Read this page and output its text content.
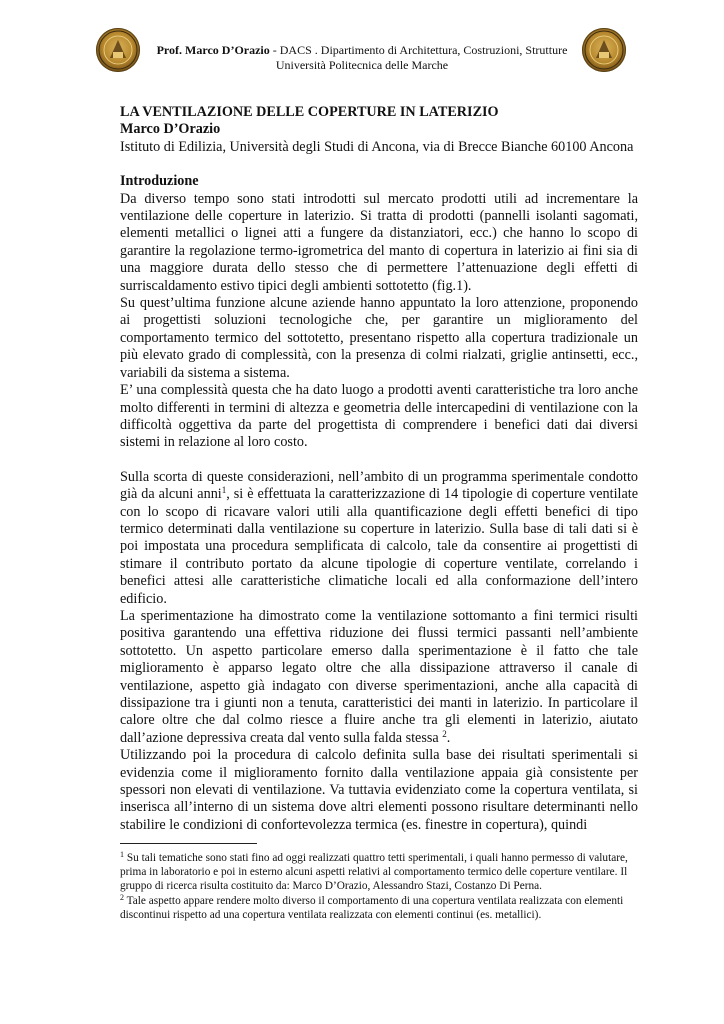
Prof. Marco D’Orazio - DACS . Dipartimento di Architettura, Costruzioni, Strutture
Università Politecnica delle Marche

LA VENTILAZIONE DELLE COPERTURE IN LATERIZIO

Marco D’Orazio

Istituto di Edilizia, Università degli Studi di Ancona, via di Brecce Bianche 60100 Ancona

Introduzione

Da diverso tempo sono stati introdotti sul mercato prodotti utili ad incrementare la ventilazione delle coperture in laterizio. Si tratta di prodotti (pannelli isolanti sagomati, elementi metallici o lignei atti a fungere da distanziatori, ecc.) che hanno lo scopo di garantire la regolazione termo-igrometrica del manto di copertura in laterizio ai fini sia di una maggiore durata dello stesso che di permettere l’attenuazione degli effetti di surriscaldamento estivo tipici degli ambienti sottotetto (fig.1).

Su quest’ultima funzione alcune aziende hanno appuntato la loro attenzione, proponendo ai progettisti soluzioni tecnologiche che, per garantire un miglioramento del comportamento termico del sottotetto, presentano rispetto alla copertura tradizionale un più elevato grado di complessità, con la presenza di colmi rialzati, griglie antinsetti, ecc., variabili da sistema a sistema.

E’ una complessità questa che ha dato luogo a prodotti aventi caratteristiche tra loro anche molto differenti in termini di altezza e geometria delle intercapedini di ventilazione con la difficoltà oggettiva da parte del progettista di comprendere i benefici dati dai diversi sistemi in relazione al loro costo.

Sulla scorta di queste considerazioni, nell’ambito di un programma sperimentale condotto già da alcuni anni$^1$, si è effettuata la caratterizzazione di 14 tipologie di coperture ventilate con lo scopo di ricavare valori utili alla quantificazione degli effetti benefici di tipo termico determinati dalla ventilazione su coperture in laterizio. Sulla base di tali dati si è poi impostata una procedura semplificata di calcolo, tale da consentire ai progettisti di stimare il contributo portato da alcune tipologie di coperture ventilate, correlando i benefici attesi alle caratteristiche climatiche locali ed alla conformazione dell’intero edificio.

La sperimentazione ha dimostrato come la ventilazione sottomanto a fini termici risulti positiva garantendo una effettiva riduzione dei flussi termici passanti nell’ambiente sottotetto. Un aspetto particolare emerso dalla sperimentazione è il fatto che tale miglioramento è apparso legato oltre che alla dissipazione attraverso il canale di ventilazione, aspetto già indagato con diverse sperimentazioni, anche alla capacità di dissipazione tra i giunti non a tenuta, caratteristici dei manti in laterizio. In particolare il calore oltre che dal colmo riesce a fluire anche tra gli elementi in laterizio, aiutato dall’azione depressiva creata dal vento sulla falda stessa $^2$.

Utilizzando poi la procedura di calcolo definita sulla base dei risultati sperimentali si evidenzia come il miglioramento fornito dalla ventilazione appaia già consistente per spessori non elevati di ventilazione. Va tuttavia evidenziato come la copertura ventilata, si inserisca all’interno di un sistema dove altri elementi possono risultare determinanti nello stabilire le condizioni di confortevolezza termica (es. finestre in copertura), quindi

$^1$ Su tali tematiche sono stati fino ad oggi realizzati quattro tetti sperimentali, i quali hanno permesso di valutare, prima in laboratorio e poi in esterno alcuni aspetti relativi al comportamento termico delle coperture ventilare. Il gruppo di ricerca risulta costituito da: Marco D’Orazio, Alessandro Stazi, Costanzo Di Perna.

$^2$ Tale aspetto appare rendere molto diverso il comportamento di una copertura ventilata realizzata con elementi discontinui rispetto ad una copertura ventilata realizzata con elementi continui (es. metallici).
